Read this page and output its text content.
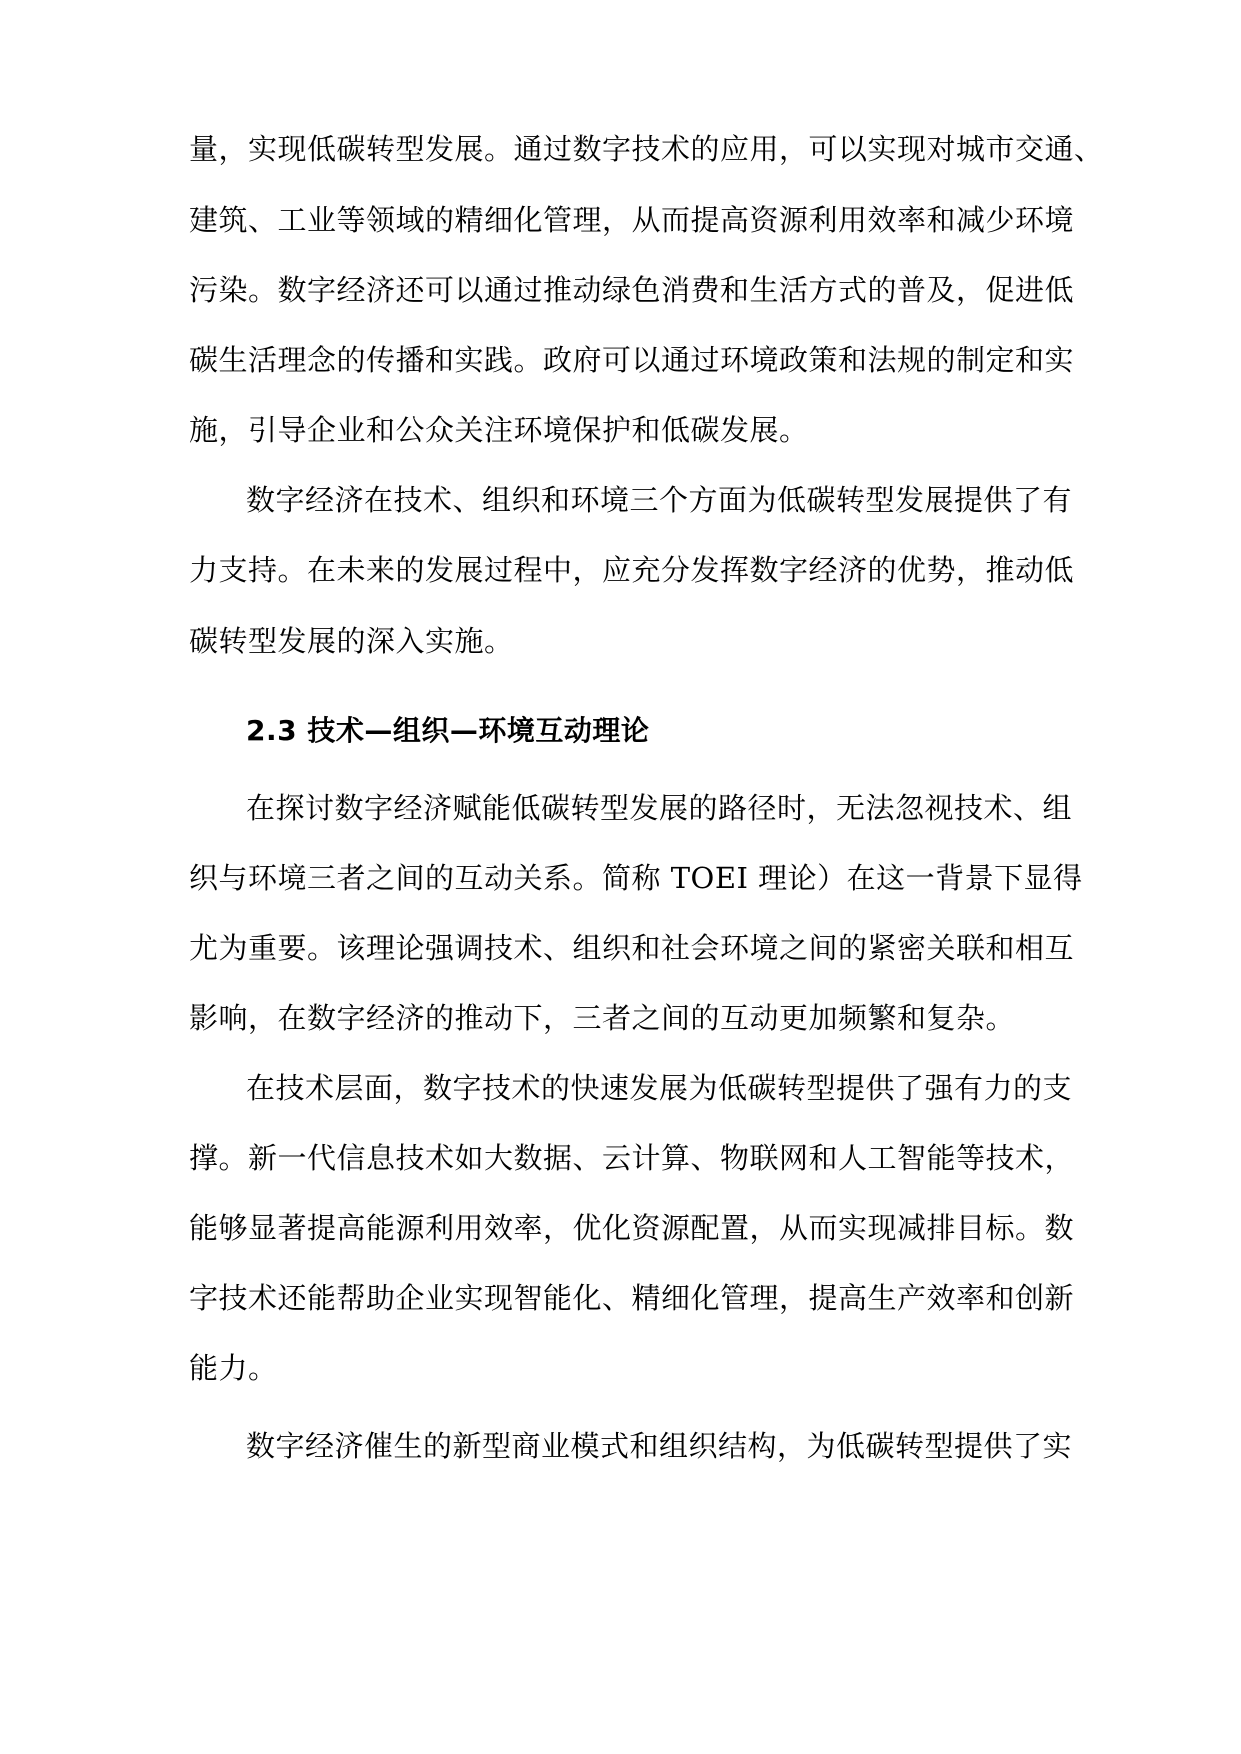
量，实现低碳转型发展。通过数字技术的应用，可以实现对城市交通、
建筑、工业等领域的精细化管理，从而提高资源利用效率和减少环境
污染。数字经济还可以通过推动绿色消费和生活方式的普及，促进低
碳生活理念的传播和实践。政府可以通过环境政策和法规的制定和实
施，引导企业和公众关注环境保护和低碳发展。
数字经济在技术、组织和环境三个方面为低碳转型发展提供了有
力支持。在未来的发展过程中，应充分发挥数字经济的优势，推动低
碳转型发展的深入实施。
2.3 技术—组织—环境互动理论
在探讨数字经济赋能低碳转型发展的路径时，无法忽视技术、组
织与环境三者之间的互动关系。简称 TOEI 理论）在这一背景下显得
尤为重要。该理论强调技术、组织和社会环境之间的紧密关联和相互
影响，在数字经济的推动下，三者之间的互动更加频繁和复杂。
在技术层面，数字技术的快速发展为低碳转型提供了强有力的支
撑。新一代信息技术如大数据、云计算、物联网和人工智能等技术，
能够显著提高能源利用效率，优化资源配置，从而实现减排目标。数
字技术还能帮助企业实现智能化、精细化管理，提高生产效率和创新
能力。
数字经济催生的新型商业模式和组织结构，为低碳转型提供了实
